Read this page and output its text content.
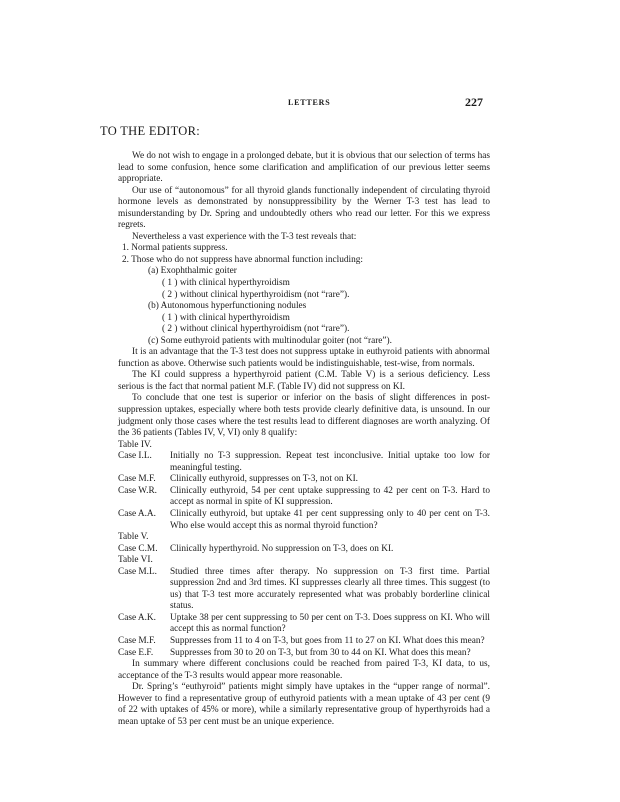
LETTERS	227
TO THE EDITOR:

We do not wish to engage in a prolonged debate, but it is obvious that our selection of terms has lead to some confusion, hence some clarification and amplification of our previous letter seems appropriate.

Our use of “autonomous” for all thyroid glands functionally independent of circulating thyroid hormone levels as demonstrated by nonsuppressibility by the Werner T-3 test has lead to misunderstanding by Dr. Spring and undoubtedly others who read our letter. For this we express regrets.

Nevertheless a vast experience with the T-3 test reveals that:

1. Normal patients suppress.
2. Those who do not suppress have abnormal function including:
(a) Exophthalmic goiter
( 1 ) with clinical hyperthyroidism
( 2 ) without clinical hyperthyroidism (not “rare”).
(b) Autonomous hyperfunctioning nodules
( 1 ) with clinical hyperthyroidism
( 2 ) without clinical hyperthyroidism (not “rare”).
(c) Some euthyroid patients with multinodular goiter (not “rare”).

It is an advantage that the T-3 test does not suppress uptake in euthyroid patients with abnormal function as above. Otherwise such patients would be indistinguishable, test-wise, from normals.

The KI could suppress a hyperthyroid patient (C.M. Table V) is a serious deficiency. Less serious is the fact that normal patient M.F. (Table IV) did not suppress on KI.

To conclude that one test is superior or inferior on the basis of slight differences in post-suppression uptakes, especially where both tests provide clearly definitive data, is unsound. In our judgment only those cases where the test results lead to different diagnoses are worth analyzing. Of the 36 patients (Tables IV, V, VI) only 8 qualify:

Table IV.
Case I.L.	Initially no T-3 suppression. Repeat test inconclusive. Initial uptake too low for meaningful testing.
Case M.F.	Clinically euthyroid, suppresses on T-3, not on KI.
Case W.R.	Clinically euthyroid, 54 per cent uptake suppressing to 42 per cent on T-3. Hard to accept as normal in spite of KI suppression.
Case A.A.	Clinically euthyroid, but uptake 41 per cent suppressing only to 40 per cent on T-3. Who else would accept this as normal thyroid function?
Table V.
Case C.M.	Clinically hyperthyroid. No suppression on T-3, does on KI.
Table VI.
Case M.L.	Studied three times after therapy. No suppression on T-3 first time. Partial suppression 2nd and 3rd times. KI suppresses clearly all three times. This suggest (to us) that T-3 test more accurately represented what was probably borderline clinical status.
Case A.K.	Uptake 38 per cent suppressing to 50 per cent on T-3. Does suppress on KI. Who will accept this as normal function?
Case M.F.	Suppresses from 11 to 4 on T-3, but goes from 11 to 27 on KI. What does this mean?
Case E.F.	Suppresses from 30 to 20 on T-3, but from 30 to 44 on KI. What does this mean?

In summary where different conclusions could be reached from paired T-3, KI data, to us, acceptance of the T-3 results would appear more reasonable.

Dr. Spring’s “euthyroid” patients might simply have uptakes in the “upper range of normal”. However to find a representative group of euthyroid patients with a mean uptake of 43 per cent (9 of 22 with uptakes of 45% or more), while a similarly representative group of hyperthyroids had a mean uptake of 53 per cent must be an unique experience.
